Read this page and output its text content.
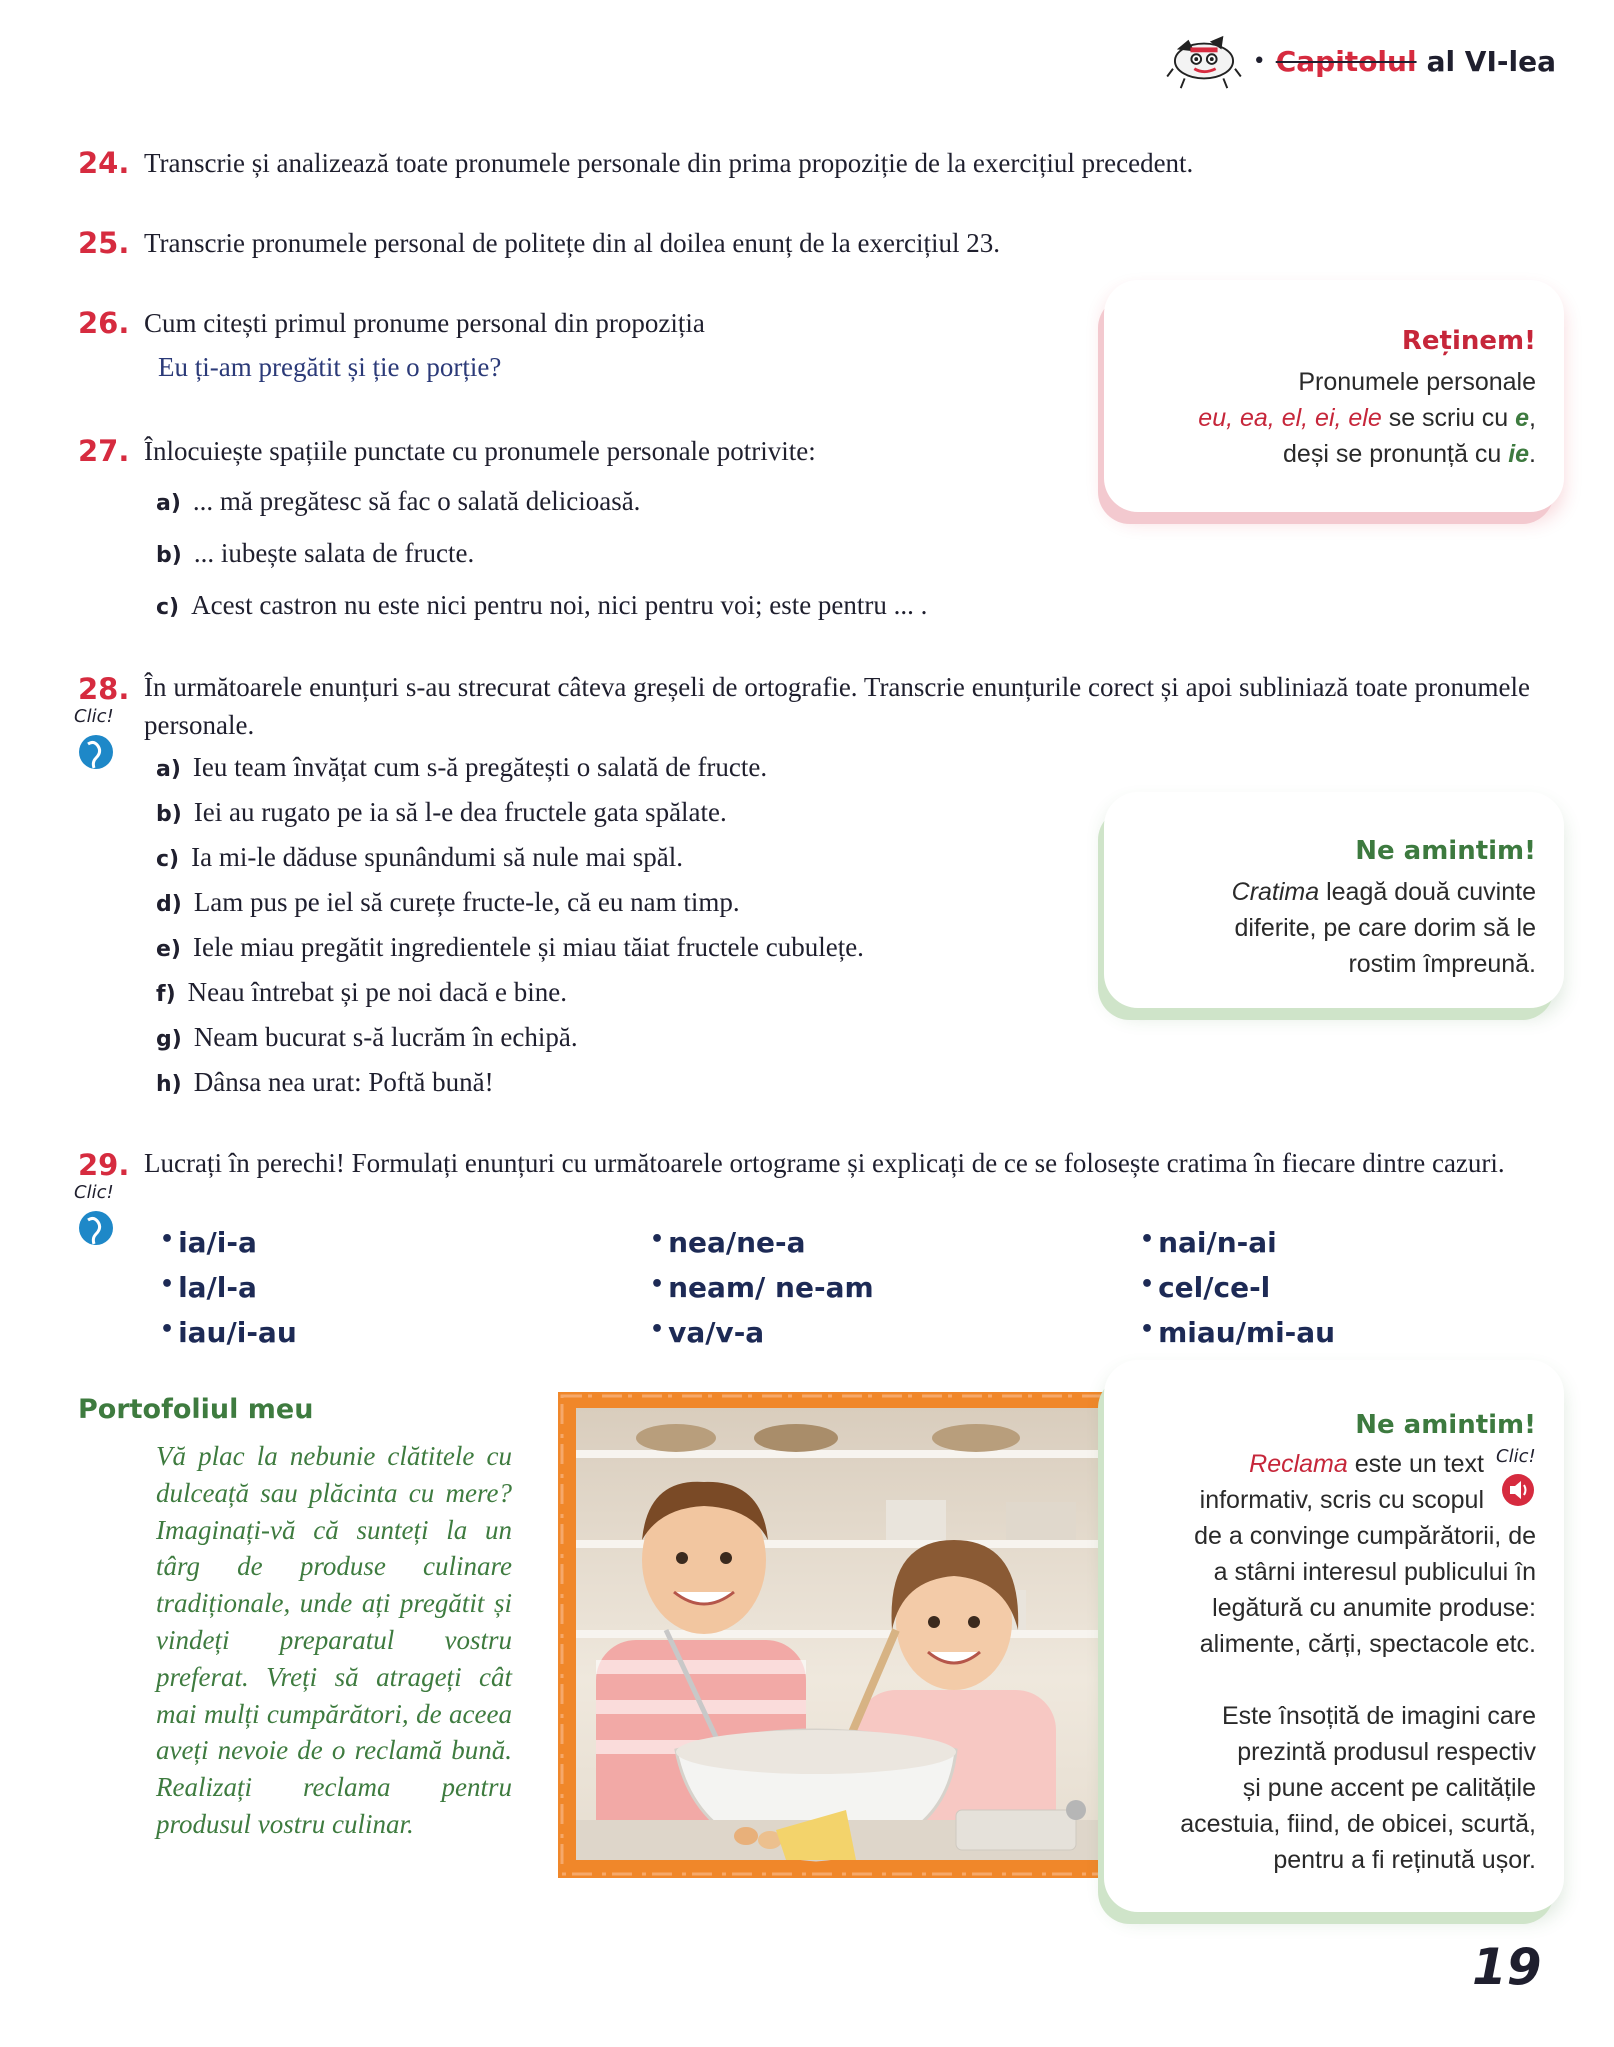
• Capitolul al VI-lea
24. Transcrie și analizează toate pronumele personale din prima propoziție de la exercițiul precedent.
25. Transcrie pronumele personal de politețe din al doilea enunț de la exercițiul 23.
26. Cum citești primul pronume personal din propoziția
Eu ți-am pregătit și ție o porție?
27. Înlocuiește spațiile punctate cu pronumele personale potrivite:
a) ... mă pregătesc să fac o salată delicioasă.
b) ... iubește salata de fructe.
c) Acest castron nu este nici pentru noi, nici pentru voi; este pentru ... .
Reținem!
Pronumele personale
eu, ea, el, ei, ele se scriu cu e,
deși se pronunță cu ie.
28. În următoarele enunțuri s-au strecurat câteva greșeli de ortografie. Transcrie enunțurile corect și apoi subliniază toate pronumele personale.
Clic!
a) Ieu team învățat cum s-ă pregătești o salată de fructe.
b) Iei au rugato pe ia să l-e dea fructele gata spălate.
c) Ia mi-le dăduse spunândumi să nule mai spăl.
d) Lam pus pe iel să curețe fructe-le, că eu nam timp.
e) Iele miau pregătit ingredientele și miau tăiat fructele cubulețe.
f) Neau întrebat și pe noi dacă e bine.
g) Neam bucurat s-ă lucrăm în echipă.
h) Dânsa nea urat: Poftă bună!
Ne amintim!
Cratima leagă două cuvinte
diferite, pe care dorim să le
rostim împreună.
29. Lucrați în perechi! Formulați enunțuri cu următoarele ortograme și explicați de ce se folosește cratima în fiecare dintre cazuri.
Clic!
• ia/i-a
• la/l-a
• iau/i-au
• nea/ne-a
• neam/ ne-am
• va/v-a
• nai/n-ai
• cel/ce-l
• miau/mi-au
Portofoliul meu
Vă plac la nebunie clătitele cu dulceață sau plăcinta cu mere? Imaginați-vă că sunteți la un târg de produse culinare tradiționale, unde ați pregătit și vindeți preparatul vostru preferat. Vreți să atrageți cât mai mulți cumpărători, de aceea aveți nevoie de o reclamă bună. Realizați reclama pentru produsul vostru culinar.
Ne amintim!
Reclama este un text Clic!
informativ, scris cu scopul
de a convinge cumpărătorii, de
a stârni interesul publicului în
legătură cu anumite produse:
alimente, cărți, spectacole etc.
Este însoțită de imagini care
prezintă produsul respectiv
și pune accent pe calitățile
acestuia, fiind, de obicei, scurtă,
pentru a fi reținută ușor.
19
